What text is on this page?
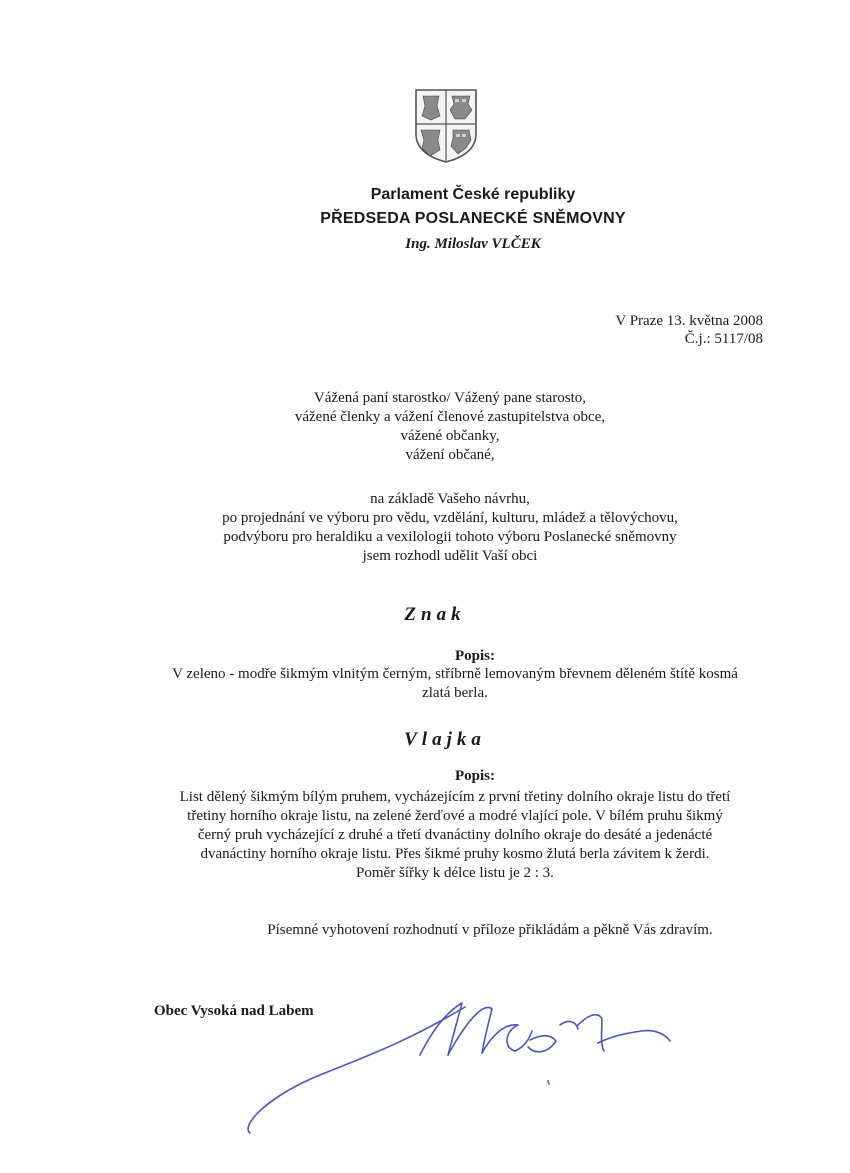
Parlament České republiky
PŘEDSEDA POSLANECKÉ SNĚMOVNY
Ing. Miloslav VLČEK
V Praze 13. května 2008
Č.j.: 5117/08
Vážená paní starostko/ Vážený pane starosto,
vážené členky a vážení členové zastupitelstva obce,
vážené občanky,
vážení občané,
na základě Vašeho návrhu,
po projednání ve výboru pro vědu, vzdělání, kulturu, mládež a tělovýchovu,
podvýboru pro heraldiku a vexilologii tohoto výboru Poslanecké sněmovny
jsem rozhodl udělit Vaší obci
Znak
Popis:
V zeleno - modře šikmým vlnitým černým, stříbrně lemovaným břevnem děleném štítě kosmá
zlatá berla.
Vlajka
Popis:
List dělený šikmým bílým pruhem, vycházejícím z první třetiny dolního okraje listu do třetí
třetiny horního okraje listu, na zelené žerďové a modré vlající pole. V bílém pruhu šikmý
černý pruh vycházející z druhé a třetí dvanáctiny dolního okraje do desáté a jedenácté
dvanáctiny horního okraje listu. Přes šikmé pruhy kosmo žlutá berla závitem k žerdi.
Poměr šířky k délce listu je 2 : 3.
Písemné vyhotovení rozhodnutí v příloze přikládám a pěkně Vás zdravím.
Obec Vysoká nad Labem
